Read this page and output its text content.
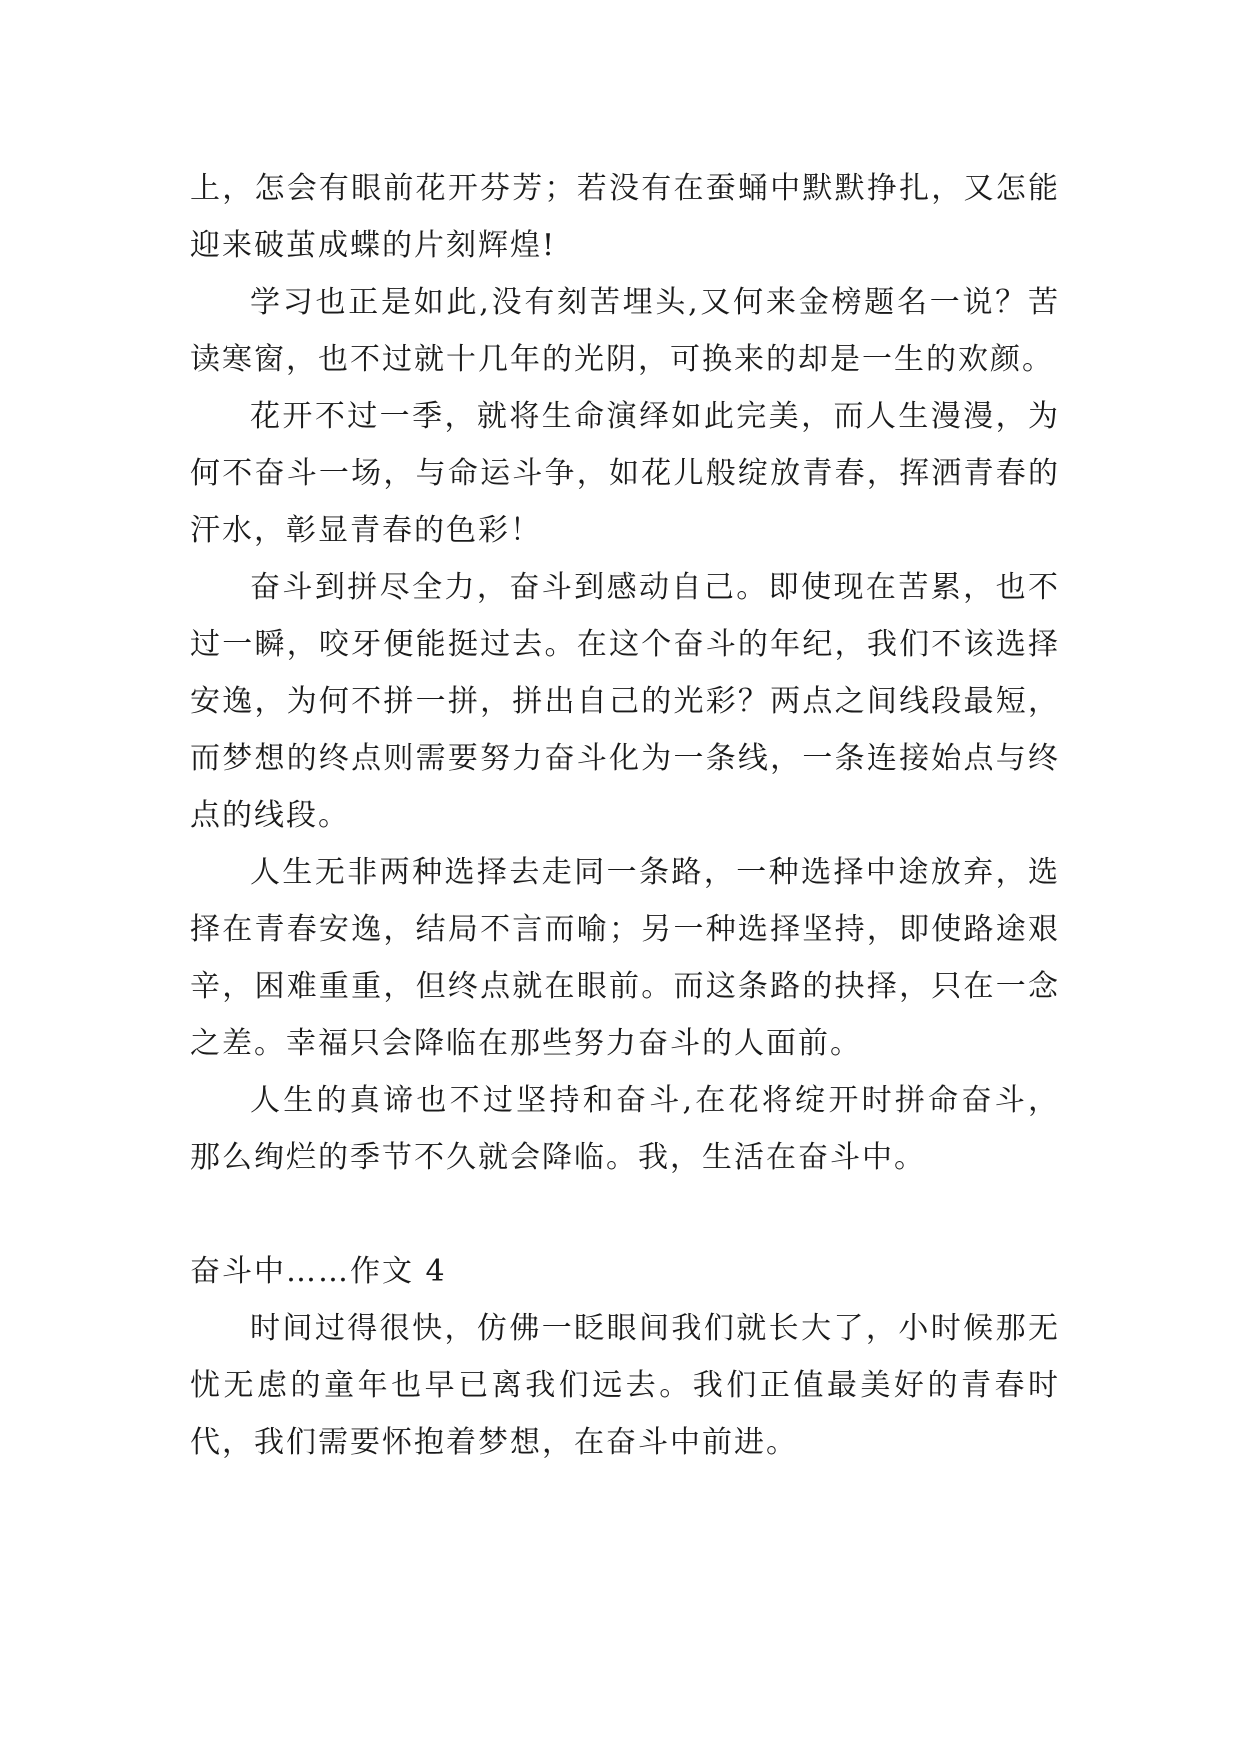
上，怎会有眼前花开芬芳；若没有在蚕蛹中默默挣扎，又怎能迎来破茧成蝶的片刻辉煌!

学习也正是如此,没有刻苦埋头,又何来金榜题名一说？苦读寒窗，也不过就十几年的光阴，可换来的却是一生的欢颜。

花开不过一季，就将生命演绎如此完美，而人生漫漫，为何不奋斗一场，与命运斗争，如花儿般绽放青春，挥洒青春的汗水，彰显青春的色彩！

奋斗到拼尽全力，奋斗到感动自己。即使现在苦累，也不过一瞬，咬牙便能挺过去。在这个奋斗的年纪，我们不该选择安逸，为何不拼一拼，拼出自己的光彩？两点之间线段最短，而梦想的终点则需要努力奋斗化为一条线，一条连接始点与终点的线段。

人生无非两种选择去走同一条路，一种选择中途放弃，选择在青春安逸，结局不言而喻；另一种选择坚持，即使路途艰辛，困难重重，但终点就在眼前。而这条路的抉择，只在一念之差。幸福只会降临在那些努力奋斗的人面前。

人生的真谛也不过坚持和奋斗,在花将绽开时拼命奋斗，那么绚烂的季节不久就会降临。我，生活在奋斗中。

奋斗中……作文 4

时间过得很快，仿佛一眨眼间我们就长大了，小时候那无忧无虑的童年也早已离我们远去。我们正值最美好的青春时代，我们需要怀抱着梦想，在奋斗中前进。
